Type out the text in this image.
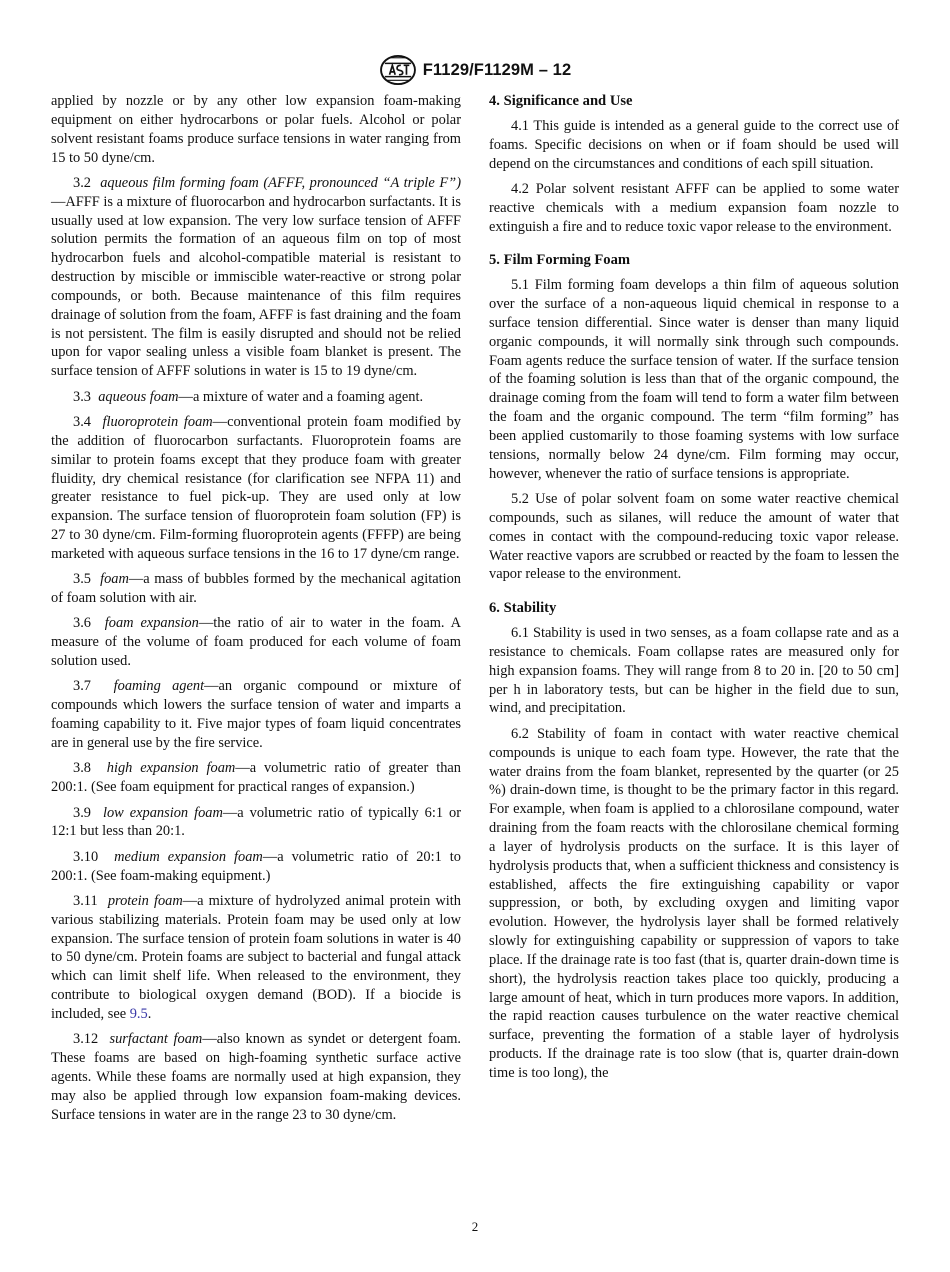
F1129/F1129M – 12

applied by nozzle or by any other low expansion foam-making equipment on either hydrocarbons or polar fuels. Alcohol or polar solvent resistant foams produce surface tensions in water ranging from 15 to 50 dyne/cm.

3.2 aqueous film forming foam (AFFF, pronounced “A triple F”)—AFFF is a mixture of fluorocarbon and hydrocarbon surfactants. It is usually used at low expansion. The very low surface tension of AFFF solution permits the formation of an aqueous film on top of most hydrocarbon fuels and alcohol-compatible material is resistant to destruction by miscible or immiscible water-reactive or strong polar compounds, or both. Because maintenance of this film requires drainage of solution from the foam, AFFF is fast draining and the foam is not persistent. The film is easily disrupted and should not be relied upon for vapor sealing unless a visible foam blanket is present. The surface tension of AFFF solutions in water is 15 to 19 dyne/cm.

3.3 aqueous foam—a mixture of water and a foaming agent.

3.4 fluoroprotein foam—conventional protein foam modified by the addition of fluorocarbon surfactants. Fluoroprotein foams are similar to protein foams except that they produce foam with greater fluidity, dry chemical resistance (for clarification see NFPA 11) and greater resistance to fuel pick-up. They are used only at low expansion. The surface tension of fluoroprotein foam solution (FP) is 27 to 30 dyne/cm. Film-forming fluoroprotein agents (FFFP) are being marketed with aqueous surface tensions in the 16 to 17 dyne/cm range.

3.5 foam—a mass of bubbles formed by the mechanical agitation of foam solution with air.

3.6 foam expansion—the ratio of air to water in the foam. A measure of the volume of foam produced for each volume of foam solution used.

3.7 foaming agent—an organic compound or mixture of compounds which lowers the surface tension of water and imparts a foaming capability to it. Five major types of foam liquid concentrates are in general use by the fire service.

3.8 high expansion foam—a volumetric ratio of greater than 200:1. (See foam equipment for practical ranges of expansion.)

3.9 low expansion foam—a volumetric ratio of typically 6:1 or 12:1 but less than 20:1.

3.10 medium expansion foam—a volumetric ratio of 20:1 to 200:1. (See foam-making equipment.)

3.11 protein foam—a mixture of hydrolyzed animal protein with various stabilizing materials. Protein foam may be used only at low expansion. The surface tension of protein foam solutions in water is 40 to 50 dyne/cm. Protein foams are subject to bacterial and fungal attack which can limit shelf life. When released to the environment, they contribute to biological oxygen demand (BOD). If a biocide is included, see 9.5.

3.12 surfactant foam—also known as syndet or detergent foam. These foams are based on high-foaming synthetic surface active agents. While these foams are normally used at high expansion, they may also be applied through low expansion foam-making devices. Surface tensions in water are in the range 23 to 30 dyne/cm.

4. Significance and Use

4.1 This guide is intended as a general guide to the correct use of foams. Specific decisions on when or if foam should be used will depend on the circumstances and conditions of each spill situation.

4.2 Polar solvent resistant AFFF can be applied to some water reactive chemicals with a medium expansion foam nozzle to extinguish a fire and to reduce toxic vapor release to the environment.

5. Film Forming Foam

5.1 Film forming foam develops a thin film of aqueous solution over the surface of a non-aqueous liquid chemical in response to a surface tension differential. Since water is denser than many liquid organic compounds, it will normally sink through such compounds. Foam agents reduce the surface tension of water. If the surface tension of the foaming solution is less than that of the organic compound, the drainage coming from the foam will tend to form a water film between the foam and the organic compound. The term “film forming” has been applied customarily to those foaming systems with low surface tensions, normally below 24 dyne/cm. Film forming may occur, however, whenever the ratio of surface tensions is appropriate.

5.2 Use of polar solvent foam on some water reactive chemical compounds, such as silanes, will reduce the amount of water that comes in contact with the compound-reducing toxic vapor release. Water reactive vapors are scrubbed or reacted by the foam to lessen the vapor release to the environment.

6. Stability

6.1 Stability is used in two senses, as a foam collapse rate and as a resistance to chemicals. Foam collapse rates are measured only for high expansion foams. They will range from 8 to 20 in. [20 to 50 cm] per h in laboratory tests, but can be higher in the field due to sun, wind, and precipitation.

6.2 Stability of foam in contact with water reactive chemical compounds is unique to each foam type. However, the rate that the water drains from the foam blanket, represented by the quarter (or 25 %) drain-down time, is thought to be the primary factor in this regard. For example, when foam is applied to a chlorosilane compound, water draining from the foam reacts with the chlorosilane chemical forming a layer of hydrolysis products on the surface. It is this layer of hydrolysis products that, when a sufficient thickness and consistency is established, affects the fire extinguishing capability or vapor suppression, or both, by excluding oxygen and limiting vapor evolution. However, the hydrolysis layer shall be formed relatively slowly for extinguishing capability or suppression of vapors to take place. If the drainage rate is too fast (that is, quarter drain-down time is short), the hydrolysis reaction takes place too quickly, producing a large amount of heat, which in turn produces more vapors. In addition, the rapid reaction causes turbulence on the water reactive chemical surface, preventing the formation of a stable layer of hydrolysis products. If the drainage rate is too slow (that is, quarter drain-down time is too long), the

2
